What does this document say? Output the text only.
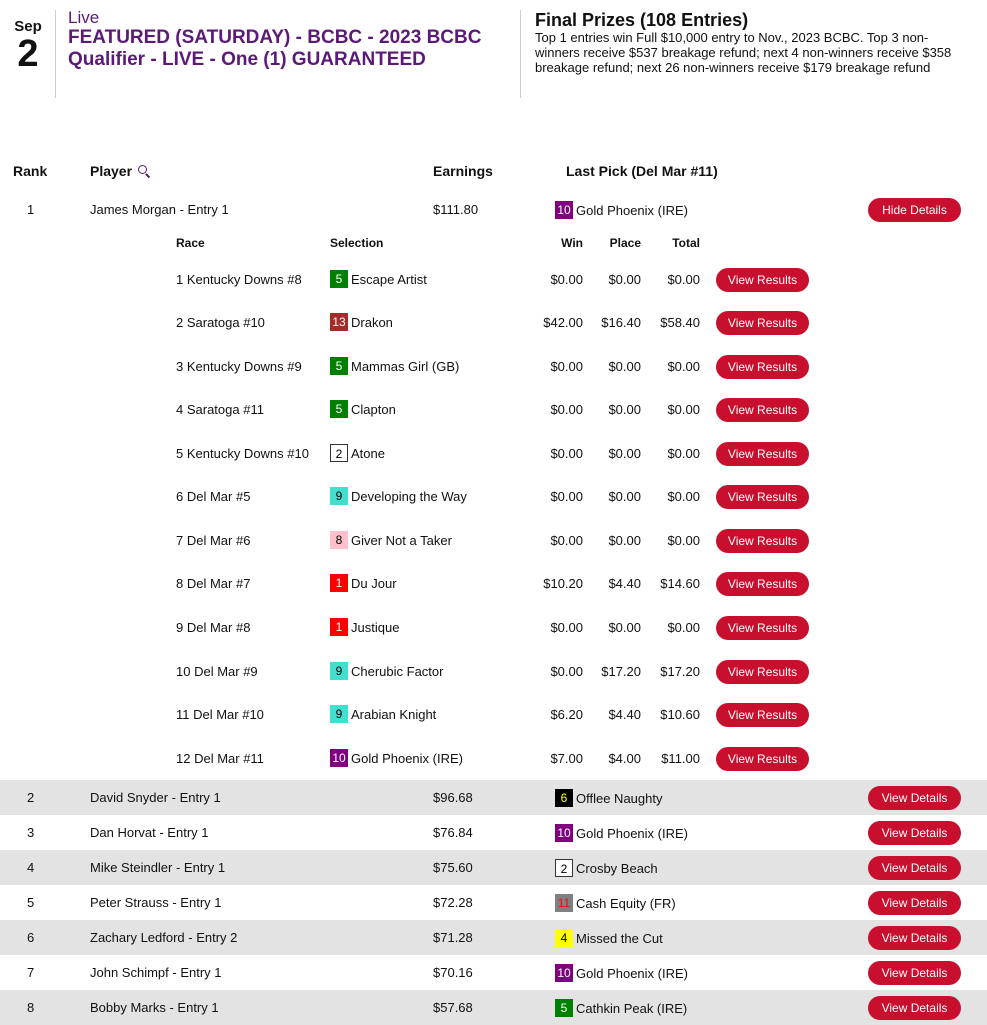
Sep
2
Live
FEATURED (SATURDAY) - BCBC - 2023 BCBC Qualifier - LIVE - One (1) GUARANTEED
Final Prizes (108 Entries)
Top 1 entries win Full $10,000 entry to Nov., 2023 BCBC. Top 3 non-winners receive $537 breakage refund; next 4 non-winners receive $358 breakage refund; next 26 non-winners receive $179 breakage refund
Rank	Player	Earnings	Last Pick (Del Mar #11)
1	James Morgan - Entry 1	$111.80	10 Gold Phoenix (IRE)	Hide Details
Race	Selection	Win	Place	Total
1 Kentucky Downs #8	5 Escape Artist	$0.00	$0.00	$0.00	View Results
2 Saratoga #10	13 Drakon	$42.00	$16.40	$58.40	View Results
3 Kentucky Downs #9	5 Mammas Girl (GB)	$0.00	$0.00	$0.00	View Results
4 Saratoga #11	5 Clapton	$0.00	$0.00	$0.00	View Results
5 Kentucky Downs #10	2 Atone	$0.00	$0.00	$0.00	View Results
6 Del Mar #5	9 Developing the Way	$0.00	$0.00	$0.00	View Results
7 Del Mar #6	8 Giver Not a Taker	$0.00	$0.00	$0.00	View Results
8 Del Mar #7	1 Du Jour	$10.20	$4.40	$14.60	View Results
9 Del Mar #8	1 Justique	$0.00	$0.00	$0.00	View Results
10 Del Mar #9	9 Cherubic Factor	$0.00	$17.20	$17.20	View Results
11 Del Mar #10	9 Arabian Knight	$6.20	$4.40	$10.60	View Results
12 Del Mar #11	10 Gold Phoenix (IRE)	$7.00	$4.00	$11.00	View Results
2	David Snyder - Entry 1	$96.68	6 Offlee Naughty	View Details
3	Dan Horvat - Entry 1	$76.84	10 Gold Phoenix (IRE)	View Details
4	Mike Steindler - Entry 1	$75.60	2 Crosby Beach	View Details
5	Peter Strauss - Entry 1	$72.28	11 Cash Equity (FR)	View Details
6	Zachary Ledford - Entry 2	$71.28	4 Missed the Cut	View Details
7	John Schimpf - Entry 1	$70.16	10 Gold Phoenix (IRE)	View Details
8	Bobby Marks - Entry 1	$57.68	5 Cathkin Peak (IRE)	View Details
